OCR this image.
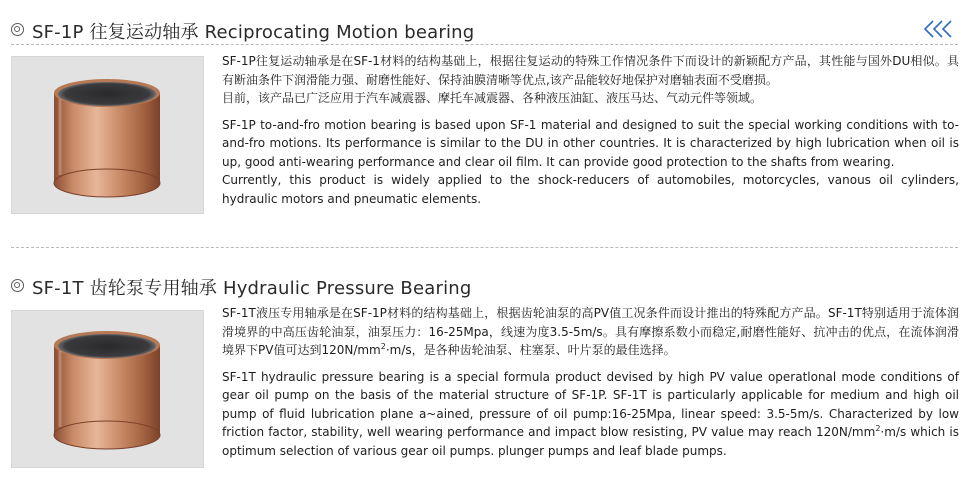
SF-1P 往复运动轴承 Reciprocating Motion bearing

SF-1P往复运动轴承是在SF-1材料的结构基础上，根据往复运动的特殊工作情况条件下而设计的新颖配方产品，其性能与国外DU相似。具有断油条件下润滑能力强、耐磨性能好、保持油膜清晰等优点,该产品能较好地保护对磨轴表面不受磨损。

目前，该产品已广泛应用于汽车减震器、摩托车减震器、各种液压油缸、液压马达、气动元件等领域。

SF-1P to-and-fro motion bearing is based upon SF-1 material and designed to suit the special working conditions with to-and-fro motions. Its performance is similar to the DU in other countries. It is characterized by high lubrication when oil is up, good anti-wearing performance and clear oil film. It can provide good protection to the shafts from wearing.

Currently, this product is widely applied to the shock-reducers of automobiles, motorcycles, vanous oil cylinders, hydraulic motors and pneumatic elements.

SF-1T 齿轮泵专用轴承 Hydraulic Pressure Bearing

SF-1T液压专用轴承是在SF-1P材料的结构基础上，根据齿轮油泵的高PV值工况条件而设计推出的特殊配方产品。SF-1T特别适用于流体润滑境界的中高压齿轮油泵，油泵压力：16-25Mpa，线速为度3.5-5m/s。具有摩擦系数小而稳定,耐磨性能好、抗冲击的优点，在流体润滑境界下PV值可达到$120N/mm^2\cdot m/s$，是各种齿轮油泵、柱塞泵、叶片泵的最佳选择。

SF-1T hydraulic pressure bearing is a special formula product devised by high PV value operatlonal mode conditions of gear oil pump on the basis of the material structure of SF-1P. SF-1T is particularly applicable for medium and high oil pump of fluid lubrication plane a~ained, pressure of oil pump:16-25Mpa, linear speed: 3.5-5m/s. Characterized by low friction factor, stability, well wearing performance and impact blow resisting, PV value may reach $120N/mm^2\cdot m/s$ which is optimum selection of various gear oil pumps. plunger pumps and leaf blade pumps.
